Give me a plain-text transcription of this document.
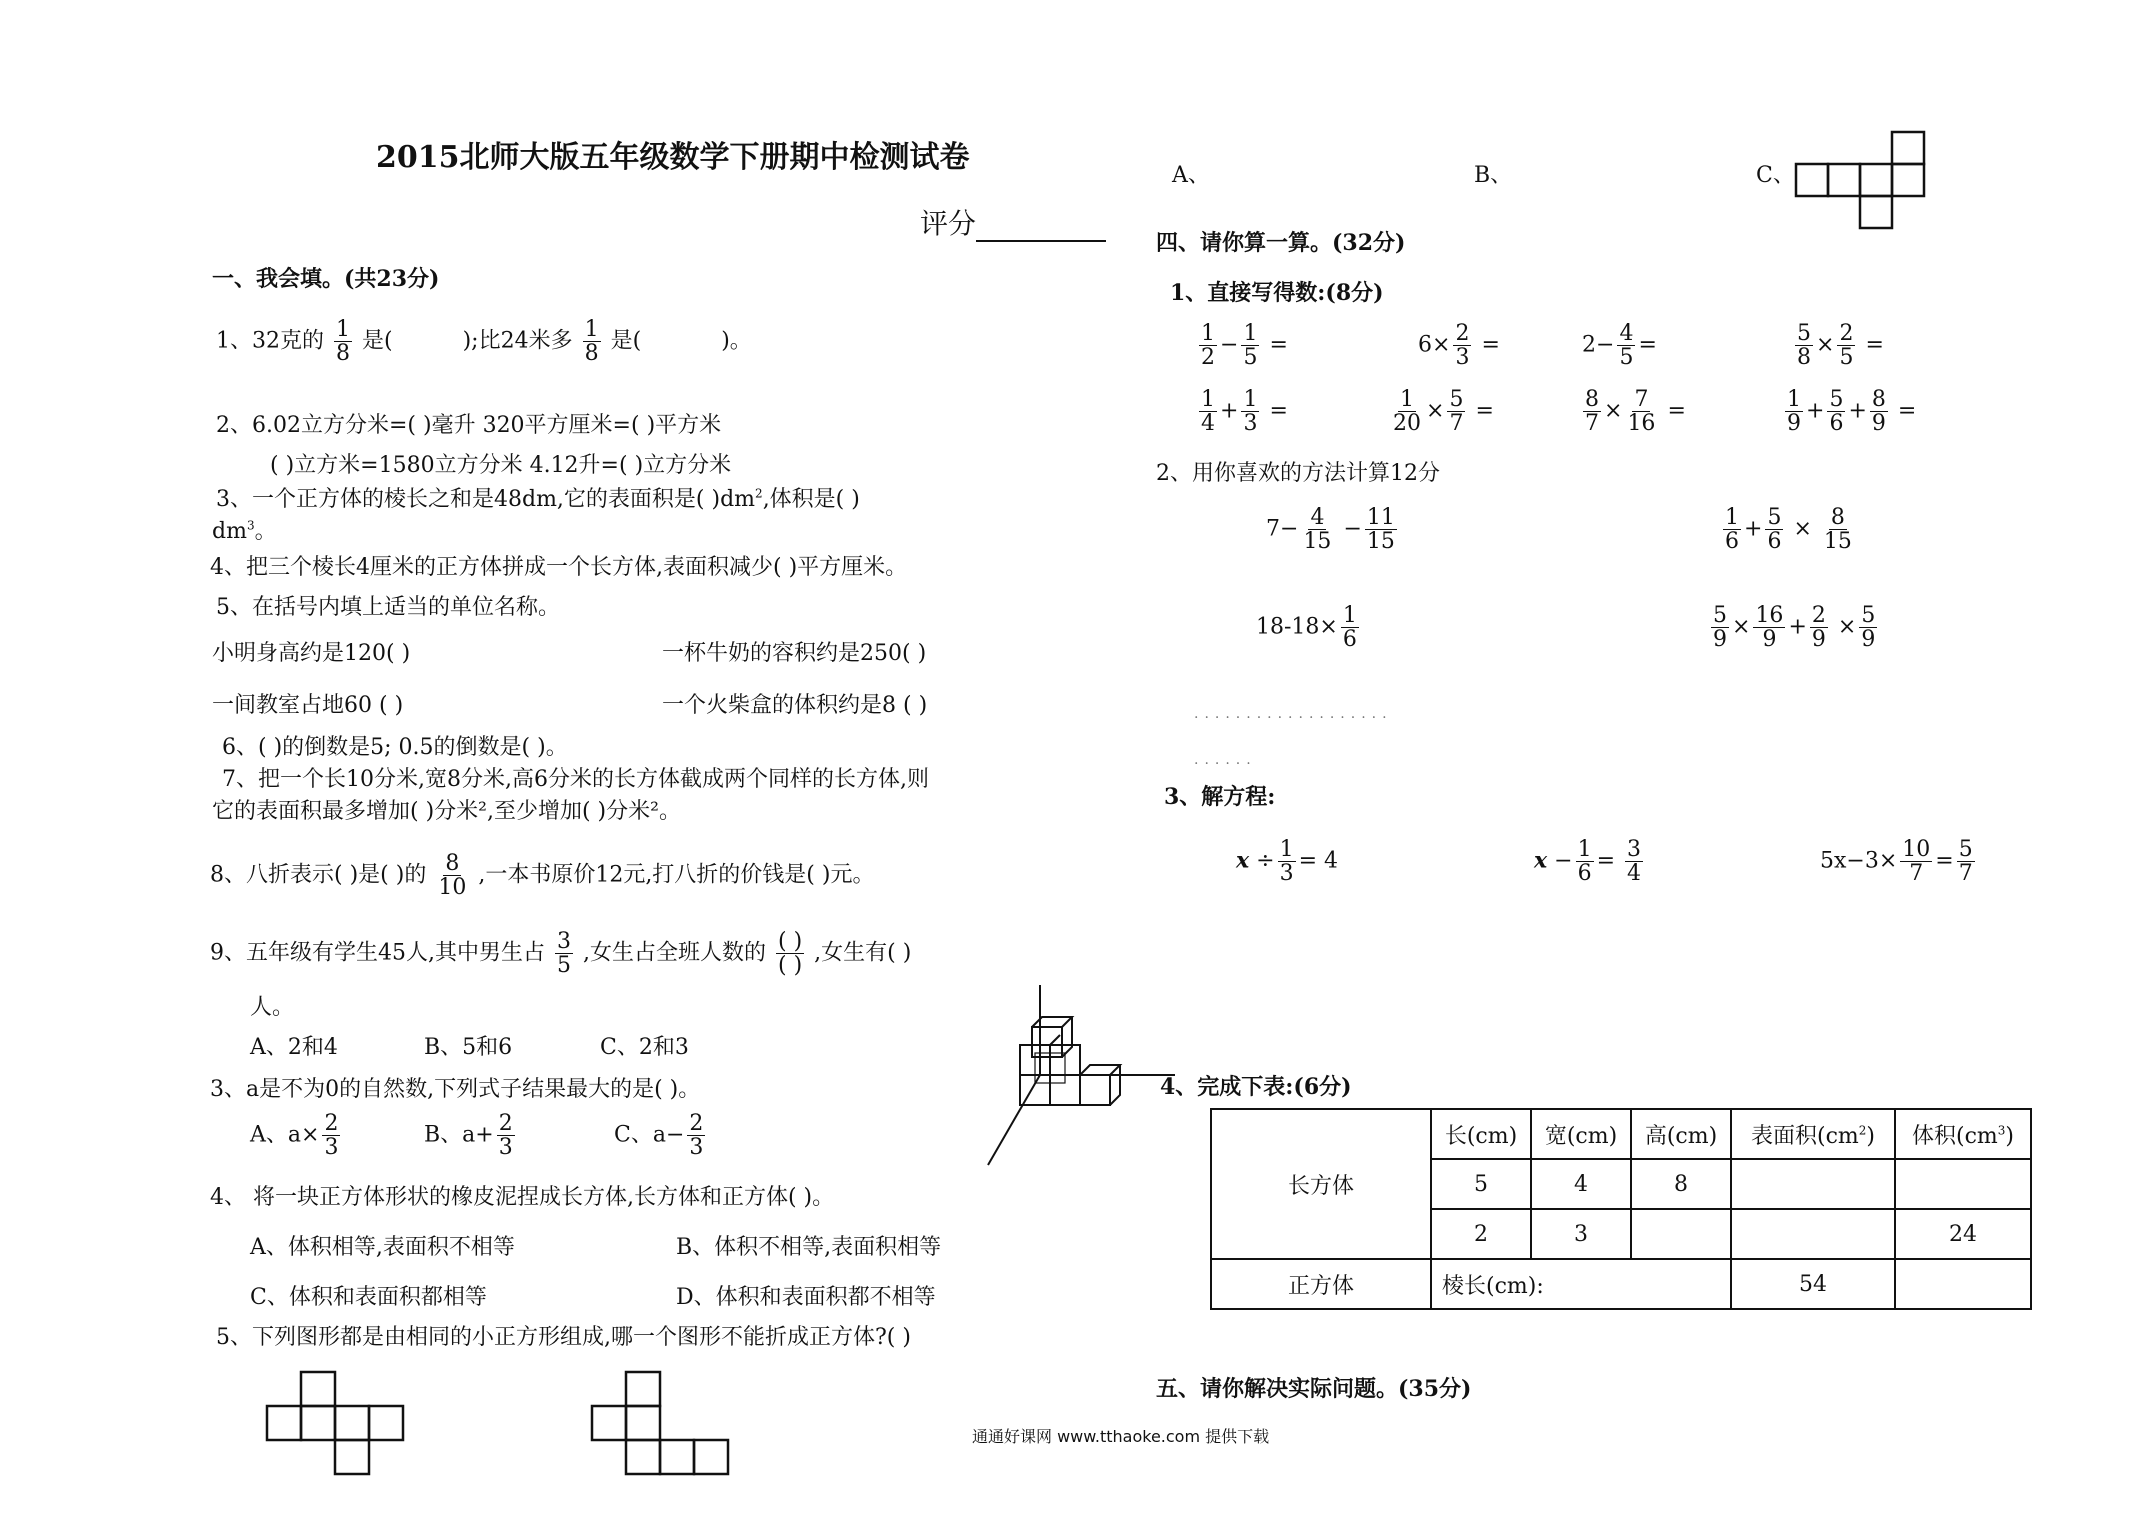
2015北师大版五年级数学下册期中检测试卷
评分
一、我会填。(共23分)
1、32克的 $\frac{1}{8}$ 是(	);比24米多 $\frac{1}{8}$ 是(	)。
2、6.02立方分米=( )毫升 320平方厘米=( )平方米
( )立方米=1580立方分米 4.12升=( )立方分米
3、一个正方体的棱长之和是48dm,它的表面积是( )$dm^2$,体积是( )
$dm^3$。
4、把三个棱长4厘米的正方体拼成一个长方体,表面积减少( )平方厘米。
5、在括号内填上适当的单位名称。
小明身高约是120( )	一杯牛奶的容积约是250( )
一间教室占地60 ( )	一个火柴盒的体积约是8 ( )
6、( )的倒数是5; 0.5的倒数是( )。
7、把一个长10分米,宽8分米,高6分米的长方体截成两个同样的长方体,则
它的表面积最多增加( )分米²,至少增加( )分米²。
8、八折表示( )是( )的 $\frac{8}{10}$ ,一本书原价12元,打八折的价钱是( )元。
9、五年级有学生45人,其中男生占 $\frac{3}{5}$ ,女生占全班人数的 $\frac{( )}{( )}$ ,女生有( )
人。
A、2和4	B、5和6	C、2和3
3、a是不为0的自然数,下列式子结果最大的是( )。
A、$a\times \frac{2}{3}$	B、$a+ \frac{2}{3}$	C、$a- \frac{2}{3}$
4、 将一块正方体形状的橡皮泥捏成长方体,长方体和正方体( )。
A、体积相等,表面积不相等	B、体积不相等,表面积相等
C、体积和表面积都相等	D、体积和表面积都不相等
5、下列图形都是由相同的小正方形组成,哪一个图形不能折成正方体?( )
A、	B、	C、
四、请你算一算。(32分)
1、直接写得数:(8分)
$\frac{1}{2} - \frac{1}{5}$ =	$6\times \frac{2}{3}$ =	$2- \frac{4}{5}$ =	$\frac{5}{8} \times \frac{2}{5}$ =
$\frac{1}{4} + \frac{1}{3}$ =	$\frac{1}{20} \times \frac{5}{7}$ =	$\frac{8}{7} \times \frac{7}{16}$ =	$\frac{1}{9} + \frac{5}{6} + \frac{8}{9}$ =
2、用你喜欢的方法计算12分
$7- \frac{4}{15} - \frac{11}{15}$	$\frac{1}{6} + \frac{5}{6} \times \frac{8}{15}$
$18-18\times \frac{1}{6}$	$\frac{5}{9} \times \frac{16}{9} + \frac{2}{9} \times \frac{5}{9}$
...................
......
3、解方程:
$x \div \frac{1}{3} = 4$	$x - \frac{1}{6} = \frac{3}{4}$	$5x-3\times \frac{10}{7} = \frac{5}{7}$
4、完成下表:(6分)
长方体	长(cm)	宽(cm)	高(cm)	表面积$(cm^2)$	体积$(cm^3)$
	5	4	8		
	2	3			24
正方体	棱长(cm):			54	
五、请你解决实际问题。(35分)
通通好课网 www.tthaoke.com 提供下载
